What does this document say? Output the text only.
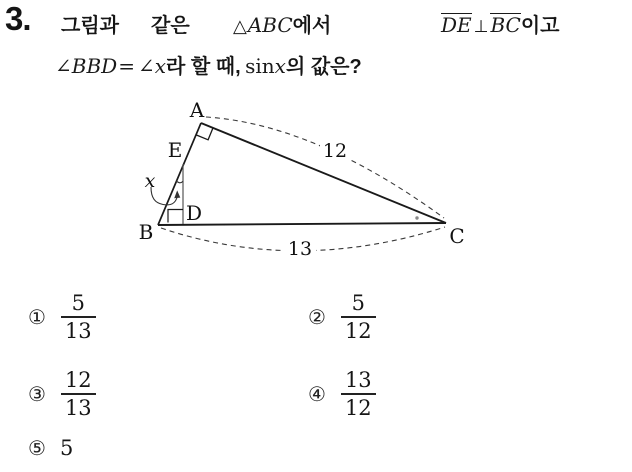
3. 그림과 같은 △ABC에서	DE ⊥ BC이고
∠BBD= ∠x라 할 때, sinx의 값은?
A
B	C
D
E
x
12
13
① $\frac{5}{13}$	② $\frac{5}{12}$
③ $\frac{12}{13}$	④ $\frac{13}{12}$
⑤ 5
